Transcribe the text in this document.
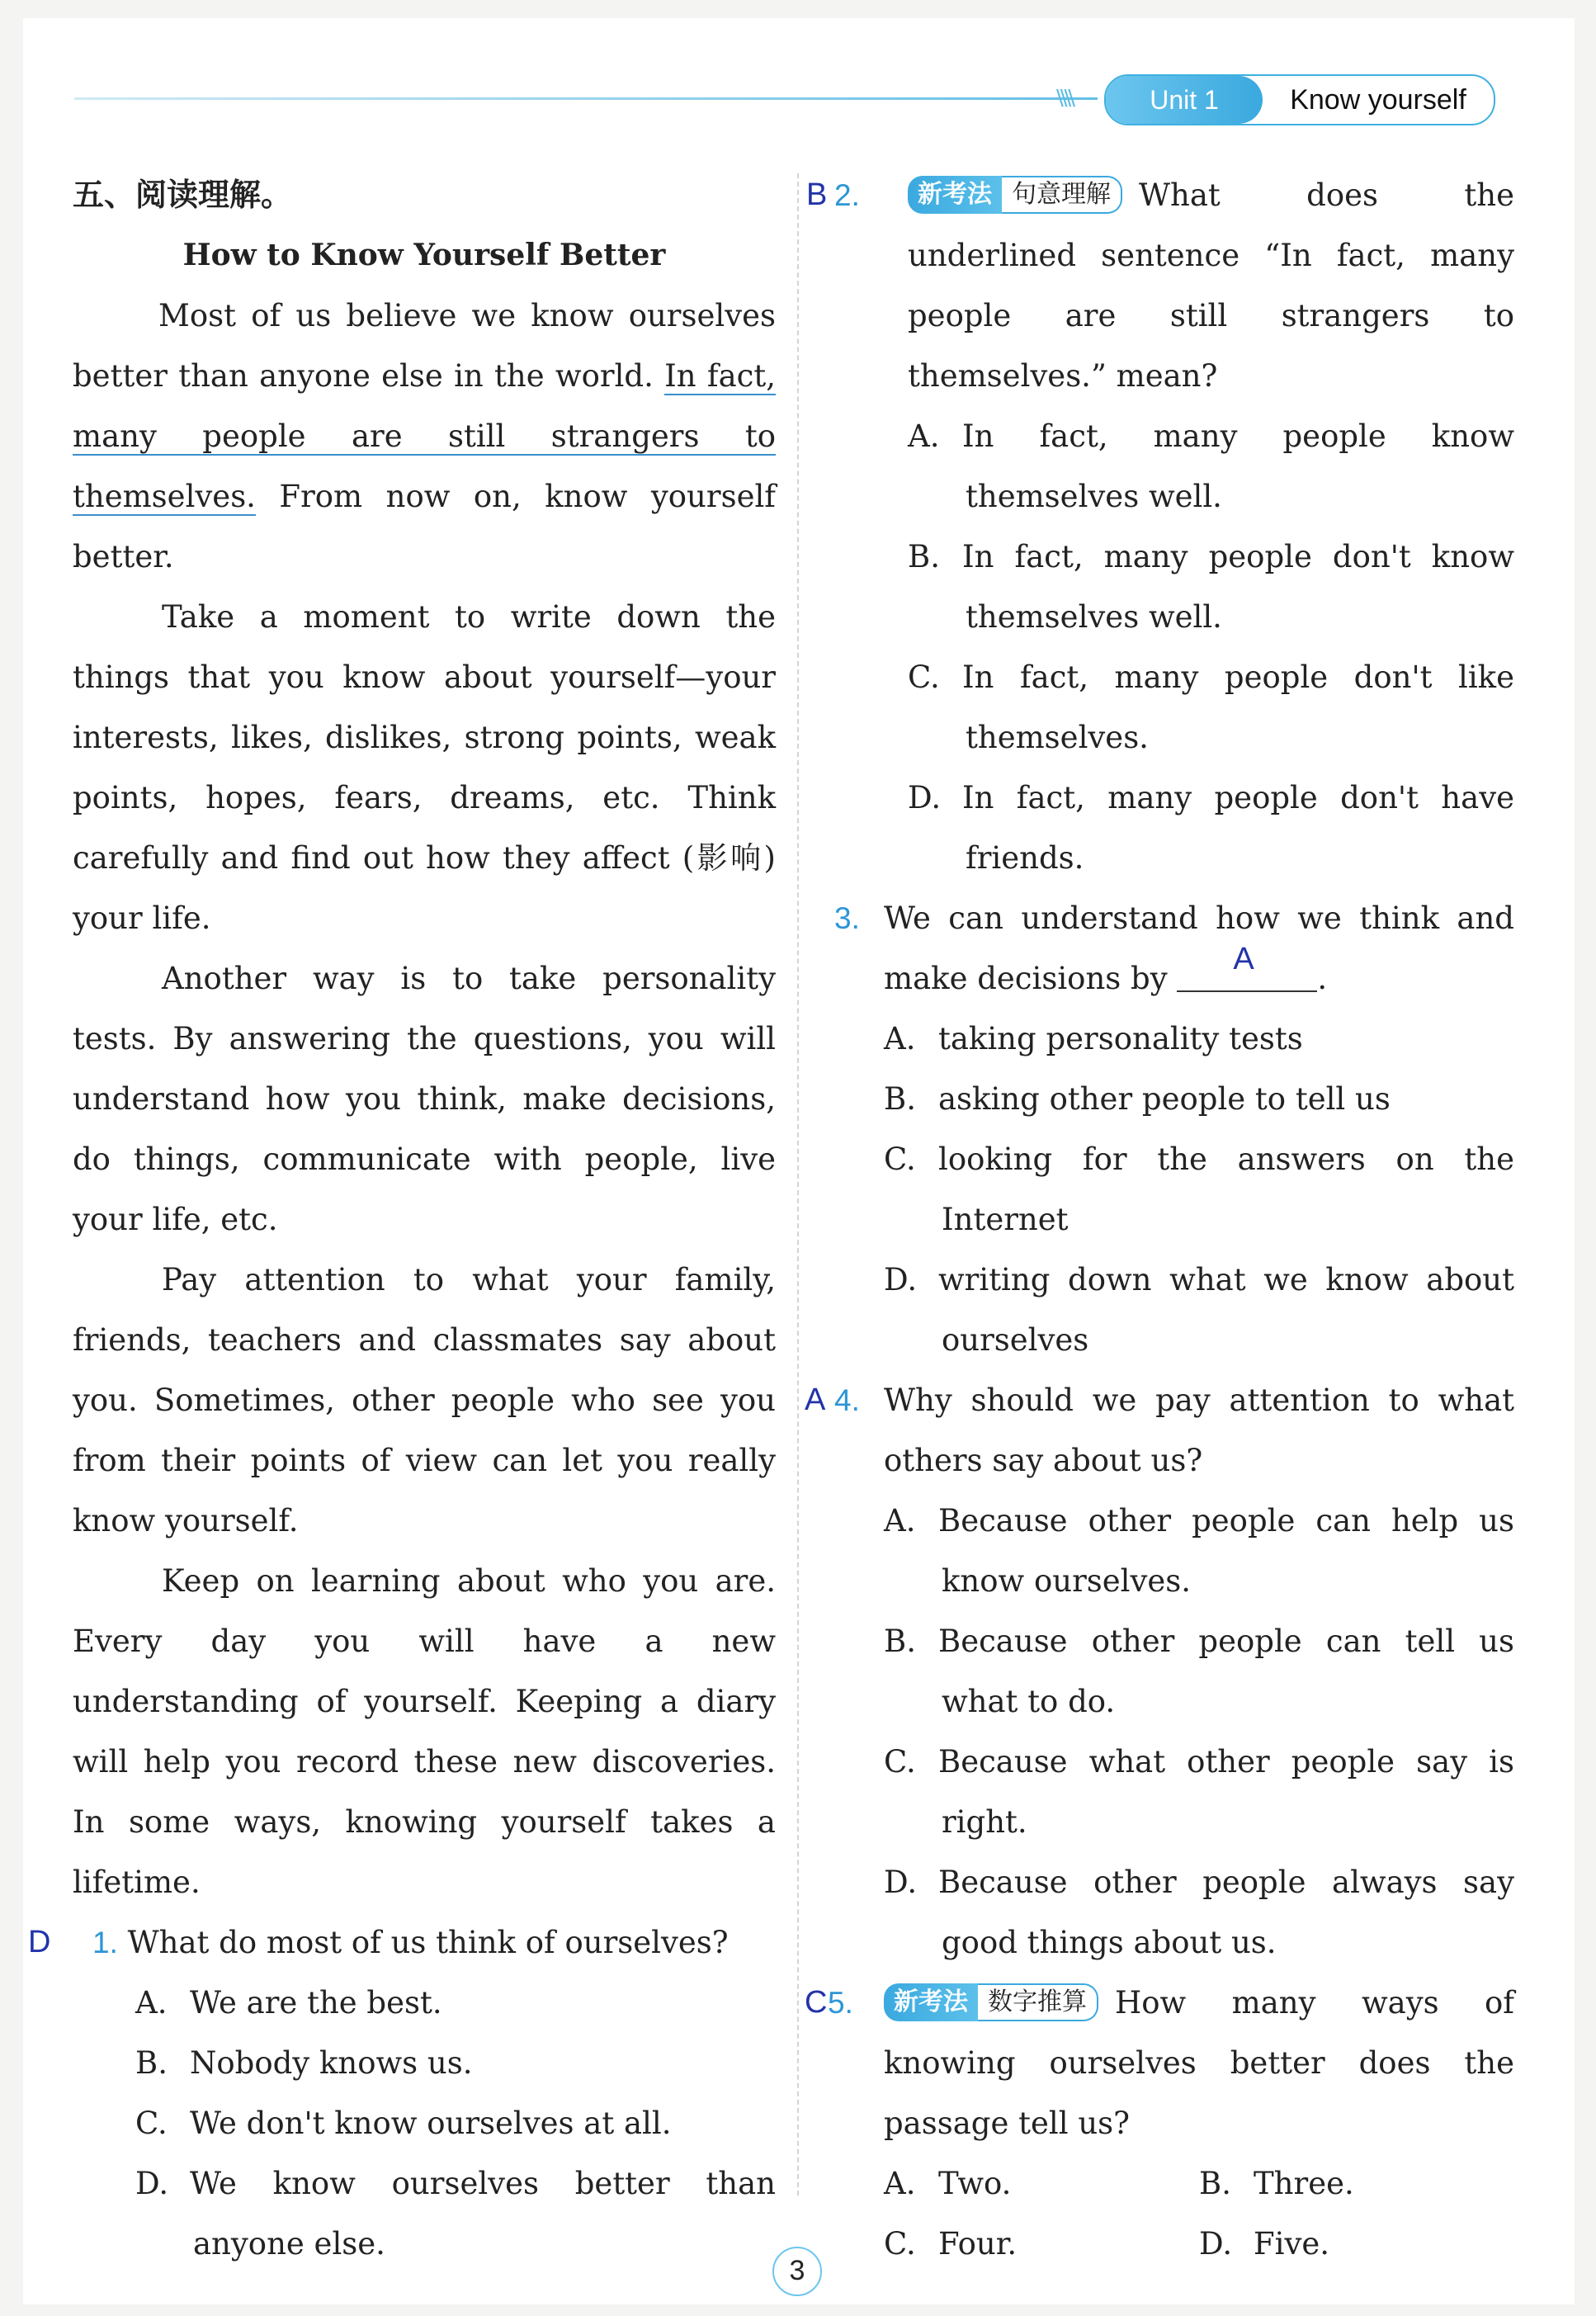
\\\\	Unit 1	Know yourself

五、阅读理解。

How to Know Yourself Better

Most of us believe we know ourselves better than anyone else in the world. In fact, many people are still strangers to themselves. From now on, know yourself better.

Take a moment to write down the things that you know about yourself—your interests, likes, dislikes, strong points, weak points, hopes, fears, dreams, etc. Think carefully and find out how they affect (影响) your life.

Another way is to take personality tests. By answering the questions, you will understand how you think, make decisions, do things, communicate with people, live your life, etc.

Pay attention to what your family, friends, teachers and classmates say about you. Sometimes, other people who see you from their points of view can let you really know yourself.

Keep on learning about who you are. Every day you will have a new understanding of yourself. Keeping a diary will help you record these new discoveries. In some ways, knowing yourself takes a lifetime.

D 1. What do most of us think of ourselves?

A. We are the best.

B. Nobody knows us.

C. We don't know ourselves at all.

D. We know ourselves better than anyone else.

B 2.	新考法 句意理解 What does the underlined sentence “In fact, many people are still strangers to themselves.” mean?

A. In fact, many people know themselves well.

B. In fact, many people don't know themselves well.

C. In fact, many people don't like themselves.

D. In fact, many people don't have friends.

3. We can understand how we think and make decisions by
A
.

A. taking personality tests

B. asking other people to tell us

C. looking for the answers on the Internet

D. writing down what we know about ourselves

A 4. Why should we pay attention to what others say about us?

A. Because other people can help us know ourselves.

B. Because other people can tell us what to do.

C. Because what other people say is right.

D. Because other people always say good things about us.

C 5.	新考法 数字推算 How many ways of knowing ourselves better does the passage tell us?

A. Two.	B. Three.

C. Four.	D. Five.

3
